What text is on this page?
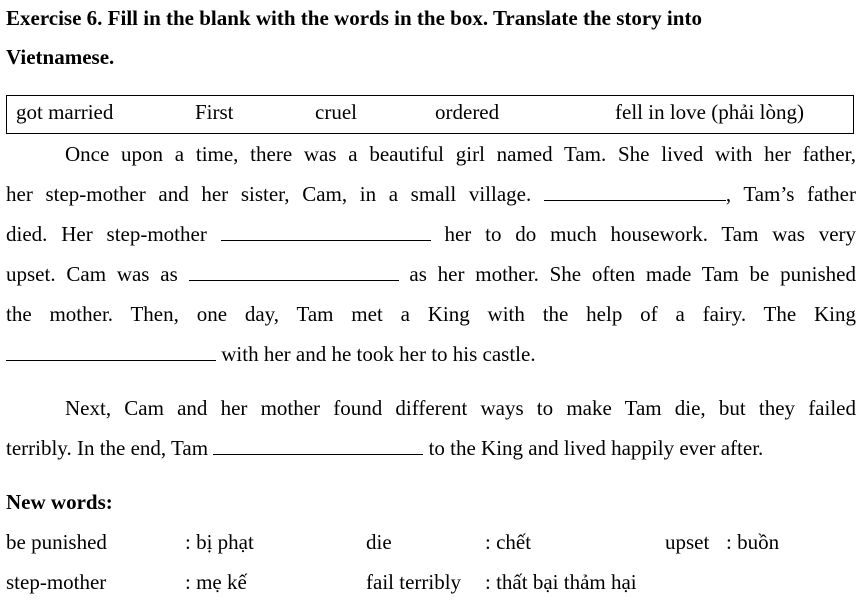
Exercise 6. Fill in the blank with the words in the box. Translate the story into
Vietnamese.
got married	First	cruel	ordered	fell in love (phải lòng)
Once upon a time, there was a beautiful girl named Tam. She lived with her father,
her step-mother and her sister, Cam, in a small village.	, Tam’s father
died. Her step-mother	her to do much housework. Tam was very
upset. Cam was as	as her mother. She often made Tam be punished
the mother. Then, one day, Tam met a King with the help of a fairy. The King
with her and he took her to his castle.
Next, Cam and her mother found different ways to make Tam die, but they failed
terribly. In the end, Tam	to the King and lived happily ever after.
New words:
be punished	: bị phạt	die	: chết	upset : buồn
step-mother	: mẹ kế	fail terribly : thất bại thảm hại
